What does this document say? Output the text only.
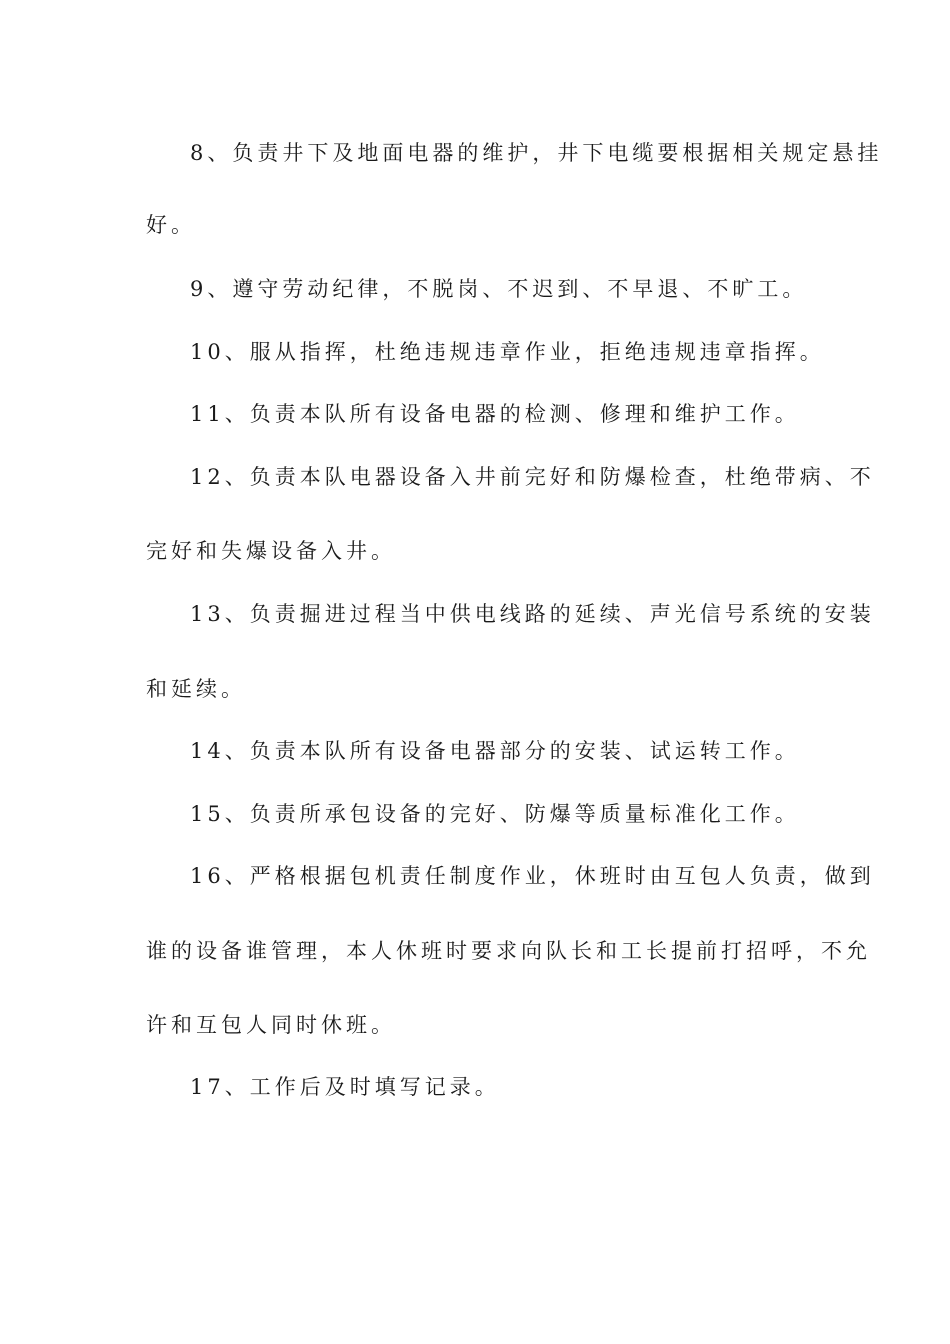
8、负责井下及地面电器的维护，井下电缆要根据相关规定悬挂
好。
9、遵守劳动纪律，不脱岗、不迟到、不早退、不旷工。
10、服从指挥，杜绝违规违章作业，拒绝违规违章指挥。
11、负责本队所有设备电器的检测、修理和维护工作。
12、负责本队电器设备入井前完好和防爆检查，杜绝带病、不
完好和失爆设备入井。
13、负责掘进过程当中供电线路的延续、声光信号系统的安装
和延续。
14、负责本队所有设备电器部分的安装、试运转工作。
15、负责所承包设备的完好、防爆等质量标准化工作。
16、严格根据包机责任制度作业，休班时由互包人负责，做到
谁的设备谁管理，本人休班时要求向队长和工长提前打招呼，不允
许和互包人同时休班。
17、工作后及时填写记录。
